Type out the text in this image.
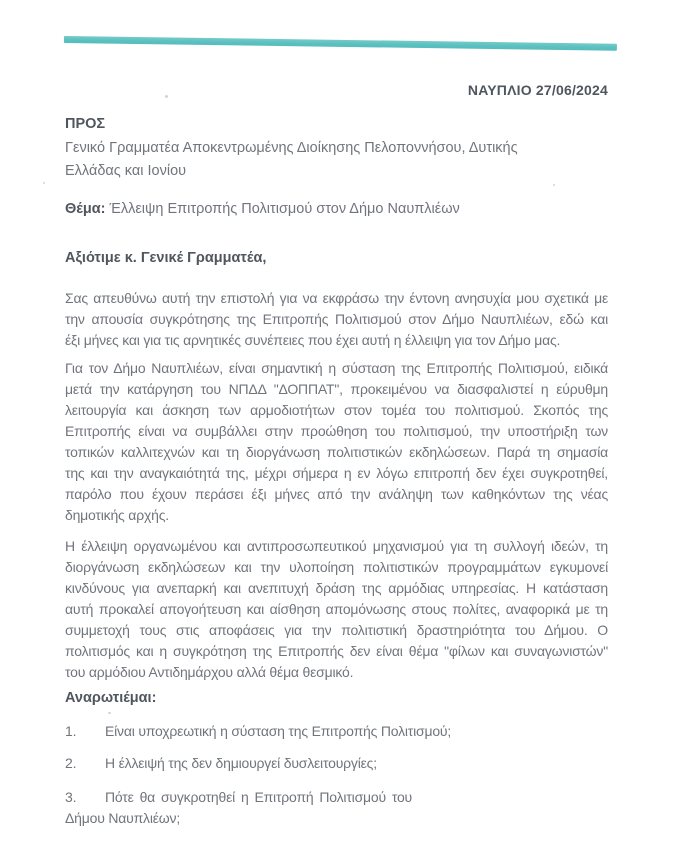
ΝΑΥΠΛΙΟ 27/06/2024
ΠΡΟΣ
Γενικό Γραμματέα Αποκεντρωμένης Διοίκησης Πελοποννήσου, Δυτικής
Ελλάδας και Ιονίου
Θέμα: Έλλειψη Επιτροπής Πολιτισμού στον Δήμο Ναυπλιέων
Αξιότιμε κ. Γενικέ Γραμματέα,
Σας απευθύνω αυτή την επιστολή για να εκφράσω την έντονη ανησυχία μου σχετικά με
την απουσία συγκρότησης της Επιτροπής Πολιτισμού στον Δήμο Ναυπλιέων, εδώ και
έξι μήνες και για τις αρνητικές συνέπειες που έχει αυτή η έλλειψη για τον Δήμο μας.
Για τον Δήμο Ναυπλιέων, είναι σημαντική η σύσταση της Επιτροπής Πολιτισμού, ειδικά
μετά την κατάργηση του ΝΠΔΔ "ΔΟΠΠΑΤ", προκειμένου να διασφαλιστεί η εύρυθμη
λειτουργία και άσκηση των αρμοδιοτήτων στον τομέα του πολιτισμού. Σκοπός της
Επιτροπής είναι να συμβάλλει στην προώθηση του πολιτισμού, την υποστήριξη των
τοπικών καλλιτεχνών και τη διοργάνωση πολιτιστικών εκδηλώσεων. Παρά τη σημασία
της και την αναγκαιότητά της, μέχρι σήμερα η εν λόγω επιτροπή δεν έχει συγκροτηθεί,
παρόλο που έχουν περάσει έξι μήνες από την ανάληψη των καθηκόντων της νέας
δημοτικής αρχής.
Η έλλειψη οργανωμένου και αντιπροσωπευτικού μηχανισμού για τη συλλογή ιδεών, τη
διοργάνωση εκδηλώσεων και την υλοποίηση πολιτιστικών προγραμμάτων εγκυμονεί
κινδύνους για ανεπαρκή και ανεπιτυχή δράση της αρμόδιας υπηρεσίας. Η κατάσταση
αυτή προκαλεί απογοήτευση και αίσθηση απομόνωσης στους πολίτες, αναφορικά με τη
συμμετοχή τους στις αποφάσεις για την πολιτιστική δραστηριότητα του Δήμου. Ο
πολιτισμός και η συγκρότηση της Επιτροπής δεν είναι θέμα "φίλων και συναγωνιστών"
του αρμόδιου Αντιδημάρχου αλλά θέμα θεσμικό.
Αναρωτιέμαι:
1. Είναι υποχρεωτική η σύσταση της Επιτροπής Πολιτισμού;
2. Η έλλειψή της δεν δημιουργεί δυσλειτουργίες;
3. Πότε θα συγκροτηθεί η Επιτροπή Πολιτισμού του Δήμου Ναυπλιέων;
